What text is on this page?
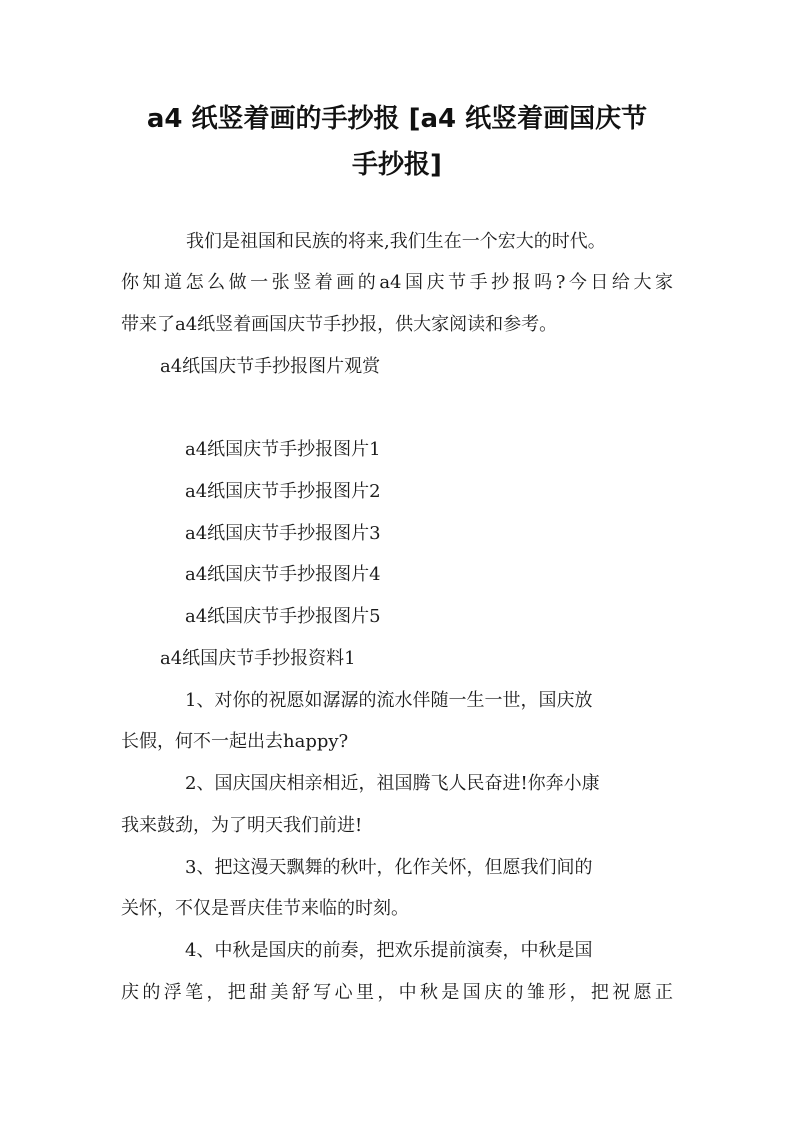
a4 纸竖着画的手抄报 [a4 纸竖着画国庆节
手抄报]

我们是祖国和民族的将来,我们生在一个宏大的时代。

你知道怎么做一张竖着画的a4国庆节手抄报吗?今日给大家

带来了a4纸竖着画国庆节手抄报，供大家阅读和参考。

a4纸国庆节手抄报图片观赏

a4纸国庆节手抄报图片1

a4纸国庆节手抄报图片2

a4纸国庆节手抄报图片3

a4纸国庆节手抄报图片4

a4纸国庆节手抄报图片5

a4纸国庆节手抄报资料1

1、对你的祝愿如潺潺的流水伴随一生一世，国庆放

长假，何不一起出去happy?

2、国庆国庆相亲相近，祖国腾飞人民奋进!你奔小康

我来鼓劲，为了明天我们前进!

3、把这漫天飘舞的秋叶，化作关怀，但愿我们间的

关怀，不仅是晋庆佳节来临的时刻。

4、中秋是国庆的前奏，把欢乐提前演奏，中秋是国

庆的浮笔，把甜美舒写心里，中秋是国庆的雏形，把祝愿正
